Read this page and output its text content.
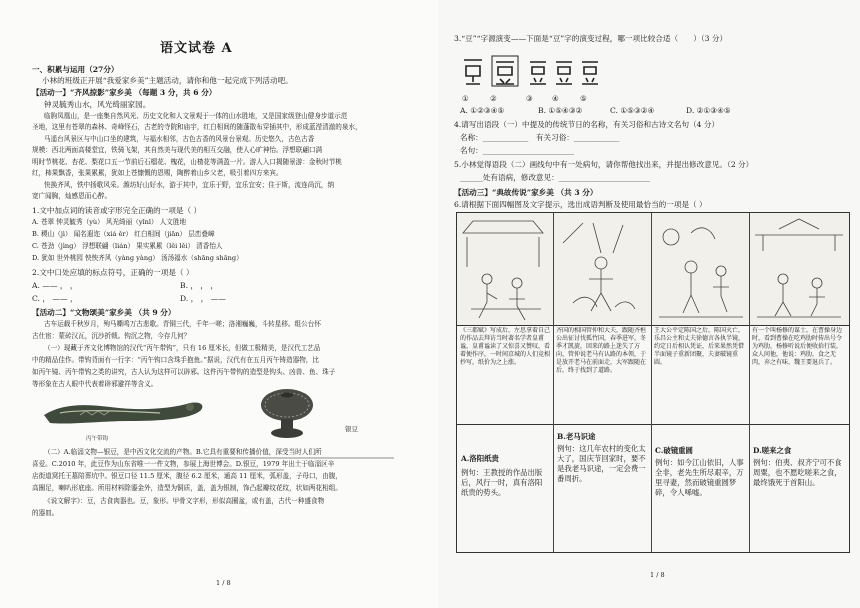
语文试卷 A
一、积累与运用（27分）
小林的班级正开展“我爱家乡美”主题活动，请你和他一起完成下列活动吧。
【活动一】“齐风掠影”家乡美 （每题 3 分，共 6 分）
钟灵毓秀山水，风光绮丽家园。
临朐凤凰山，是一座集自然风光、历史文化和人文景观于一体的山水胜地，又是国家级登山健身步道示范
圣地，这里有苍翠的森林、奇峰怪石，古老的寺院和庙宇，红白相间的随蓬散布穿插其中，形成蓝滢清澈的泉水，
马遥台风景区与中山口坐的建筑，与福水相邻，古色古香的风景台景观。历史悠久，古色古香
规模：西北两面高楼堂宜，铁骑飞架，其自然美与现代美的相互交融，使人心旷神怡。浮想联翩口满
明时节桃花、杏花、梨花口五一节前后石榴花、槐花，山楂花等满盈一片。游人入口揭随景游：金秋时节桃
红，柿果飘香，张果累累，犹如上苍慷慨的恩赐，陶醉着山乡父老，吸引着四方来宾。
快换齐风，铁中扬歌风采。潍坊好山好水，游于其中，宜乐于野，宜乐宜安；住于斯，流连尚沉，纳
宽广闻胸，灿感恩而心醉。
1.文中加点词的读音或字形完全正确的一项是（ ）
A. 苍翠 钟灵毓秀（yù） 风光绮丽（yǐnl） 人文胜地
B. 稷山（jì） 闻名遐迩（xiá ěr） 红白相间（jiān） 层峦叠嶂
C. 苍劲（jìng） 浮想联翩（lián） 果实累累（lěi lěi） 清香怡人
D. 犹如 世外桃园 怏怏齐风（yàng yàng） 汤汤福水（shāng shāng）
2.文中口处应填的标点符号，正确的一项是（ ）
A. —— ， ，	B. ， ， ，
C. ， —— ，	D. ， ， ——
【活动二】“文物颂美”家乡美 （共 9 分）
古车运载千秋岁月，殉马嘶鸣万古悲歌。青铜三代，千年一嗟；洛湘巍巍，斗转星移。组公台怀
古仕宦：蒙砖汉瓦，沉沙折戟。钩沉之物，今存几何？
（一）现藏于齐文化博物馆的汉代“丙午带钩”，只有 16 厘米长，但做工极精美，是汉代工艺品
中的精品佳作。带钩背面有一行字：“丙午钩口含珠手抱鱼。”据说，汉代有在五月丙午铸造器物，比
如丙午镜、丙午带钩之类的讲究，古人认为这样可以辟邪。这件丙午带钩的造型是钩头、凶兽、鱼、珠子
等形象在古人眼中代表着辟邪避祥等含义。
丙午带钩
银豆
（二）A.临淄文物—银豆，是中西文化交流的产物。B.它具有重要和传播价值，深受当时人们所
喜爱。C.2010 年，此豆作为山东省唯一一件文物，参展上海世博会。D.银豆，1979 年出土于临淄区辛
店街道窝托王墓陪葬坑中。银豆口径 11.5 厘米，腹径 6.2 厘米，通高 11 厘米，弧形盖，子母口，由腹，
高圈足，喇叭形底座。所用材料除鎏金外，造型为铜质，盖，盖为银制，饰凸起瓣纹花纹，状如两花相组。
《说文解字》：豆，古食肉器也。豆，象形。甲骨文字形，形似高圈盆，或有盖，古代一种盛食物
的器皿。
1 / 8
3.“豆”“字源演变——下面是“豆”字的演变过程，哪一项比较合适（　　）（3 分）
①	②	③	④	⑤
A. ①②③④⑤	B. ①⑤④③②	C. ①⑤③②④	D. ②①③④⑤
4.请写出语段（一）中提及的传统节日的名称，有关习俗和古诗文名句（4 分）
名称：____________　有关习俗：____________
名句：________________________
5.小林觉得语段（二）画线句中有一处病句，请你帮他找出来，并提出修改意见。（2 分）
______处有语病，修改意见：________________________
【活动三】“典故传说”家乡美 （共 3 分）
6.请根据下面四幅图及文字提示，选出成语判断及使用最恰当的一项是（ ）
《三都赋》写成后，左思拿着自己的作品去拜访当时著名学者皇甫谧，皇甫谧读了又惊喜又赞叹，看着便作序，一时间京城的人们竞相抄写，纸价为之上涨。
齐国的相国管仲和大夫，跟随齐桓公出征讨伐孤竹国，春季进军，冬季才凯旋，回来的路上迷失了方向，管仲说老马有认路的本领，于是放开老马在前面走，大军跟随在后，终于找到了道路。
王大公平定陈国之后，陈国灭亡，乐昌公主和丈夫徐德言各执半镜，约定日后相认凭证，后来果然凭借半面镜子重新团聚，夫妻破镜重圆。
有一个叫杨修的谋士，在曹操身边时，看到曹操在吃鸡肋时传出号令为鸡肋，杨修听说后便收拾行装，众人问他，他说：鸡肋，食之无肉，弃之有味，魏王要退兵了。
A.洛阳纸贵
例句：王教授的作品出版后，风行一时，真有洛阳纸贵的势头。
B.老马识途
例句：这几年农村的变化太大了，国庆节回家时，要不是我老马识途，一定会费一番周折。
C.破镜重圆
例句：如今江山依旧，人事全非，老先生所尽艰辛，万里寻妻，然而破镜重圆梦碎，令人唏嘘。
D.嗟来之食
例句：伯夷、叔齐宁可不食周粟，也不愿吃嗟来之食，最终饿死于首阳山。
1 / 8
